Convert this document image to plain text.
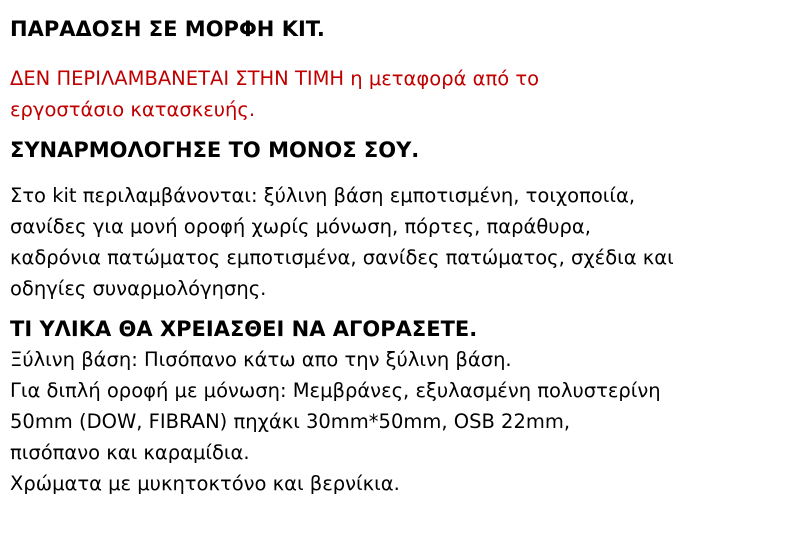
ΠΑΡΑΔΟΣΗ ΣΕ ΜΟΡΦΗ KIT.

ΔΕΝ ΠΕΡΙΛΑΜΒΑΝΕΤΑΙ ΣΤΗΝ ΤΙΜΗ η μεταφορά από το
εργοστάσιο κατασκευής.

ΣΥΝΑΡΜΟΛΟΓΗΣΕ ΤΟ ΜΟΝΟΣ ΣΟΥ.

Στο kit περιλαμβάνονται: ξύλινη βάση εμποτισμένη, τοιχοποιία,
σανίδες για μονή οροφή χωρίς μόνωση, πόρτες, παράθυρα,
καδρόνια πατώματος εμποτισμένα, σανίδες πατώματος, σχέδια και
οδηγίες συναρμολόγησης.

ΤΙ ΥΛΙΚΑ ΘΑ ΧΡΕΙΑΣΘΕΙ ΝΑ ΑΓΟΡΑΣΕΤΕ.

Ξύλινη βάση: Πισόπανο κάτω απο την ξύλινη βάση.
Για διπλή οροφή με μόνωση: Μεμβράνες, εξυλασμένη πολυστερίνη
50mm (DOW, FIBRAN) πηχάκι 30mm*50mm, OSB 22mm,
πισόπανο και καραμίδια.
Χρώματα με μυκητοκτόνο και βερνίκια.
